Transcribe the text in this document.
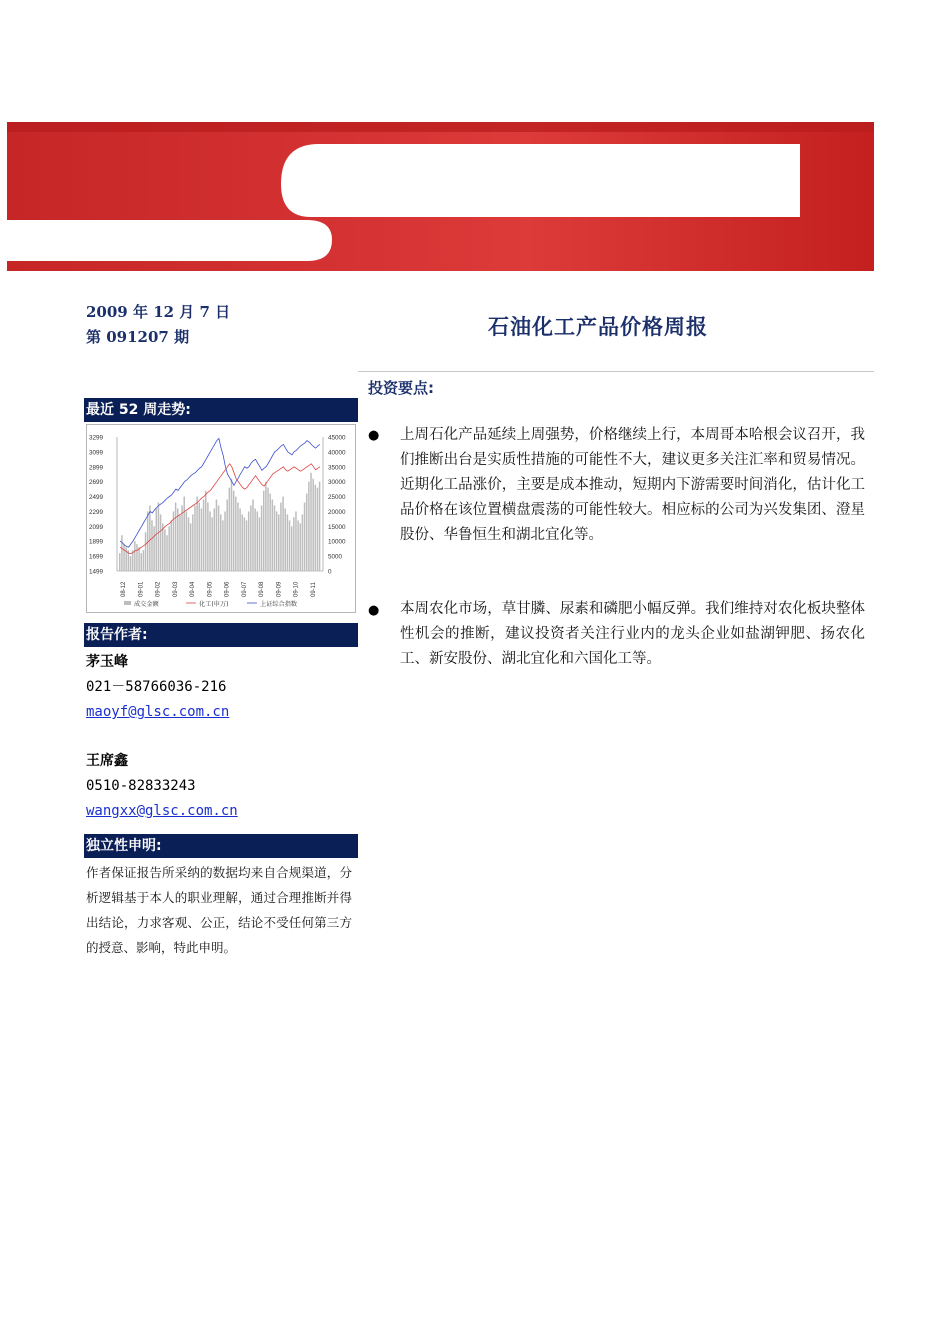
2009 年 12 月 7 日
第 091207 期	石油化工产品价格周报
投资要点:
最近 52 周走势:
3299
3099
2899
2699
2499
2299
2099
1899
1699
1499
45000
40000
35000
30000
25000
20000
15000
10000
5000
0
08-12 09-01 09-02 09-03 09-04 09-05 09-06 09-07 09-08 09-09 09-10 09-11
成交金额	化工(申万)	上证综合指数
报告作者:
茅玉峰
021－58766036-216
maoyf@glsc.com.cn
王席鑫
0510-82833243
wangxx@glsc.com.cn
独立性申明:
作者保证报告所采纳的数据均来自合规渠道，分析逻辑基于本人的职业理解，通过合理推断并得出结论，力求客观、公正，结论不受任何第三方的授意、影响，特此申明。
● 上周石化产品延续上周强势，价格继续上行，本周哥本哈根会议召开，我们推断出台是实质性措施的可能性不大，建议更多关注汇率和贸易情况。近期化工品涨价，主要是成本推动，短期内下游需要时间消化，估计化工品价格在该位置横盘震荡的可能性较大。相应标的公司为兴发集团、澄星股份、华鲁恒生和湖北宜化等。
● 本周农化市场，草甘膦、尿素和磷肥小幅反弹。我们维持对农化板块整体性机会的推断，建议投资者关注行业内的龙头企业如盐湖钾肥、扬农化工、新安股份、湖北宜化和六国化工等。
